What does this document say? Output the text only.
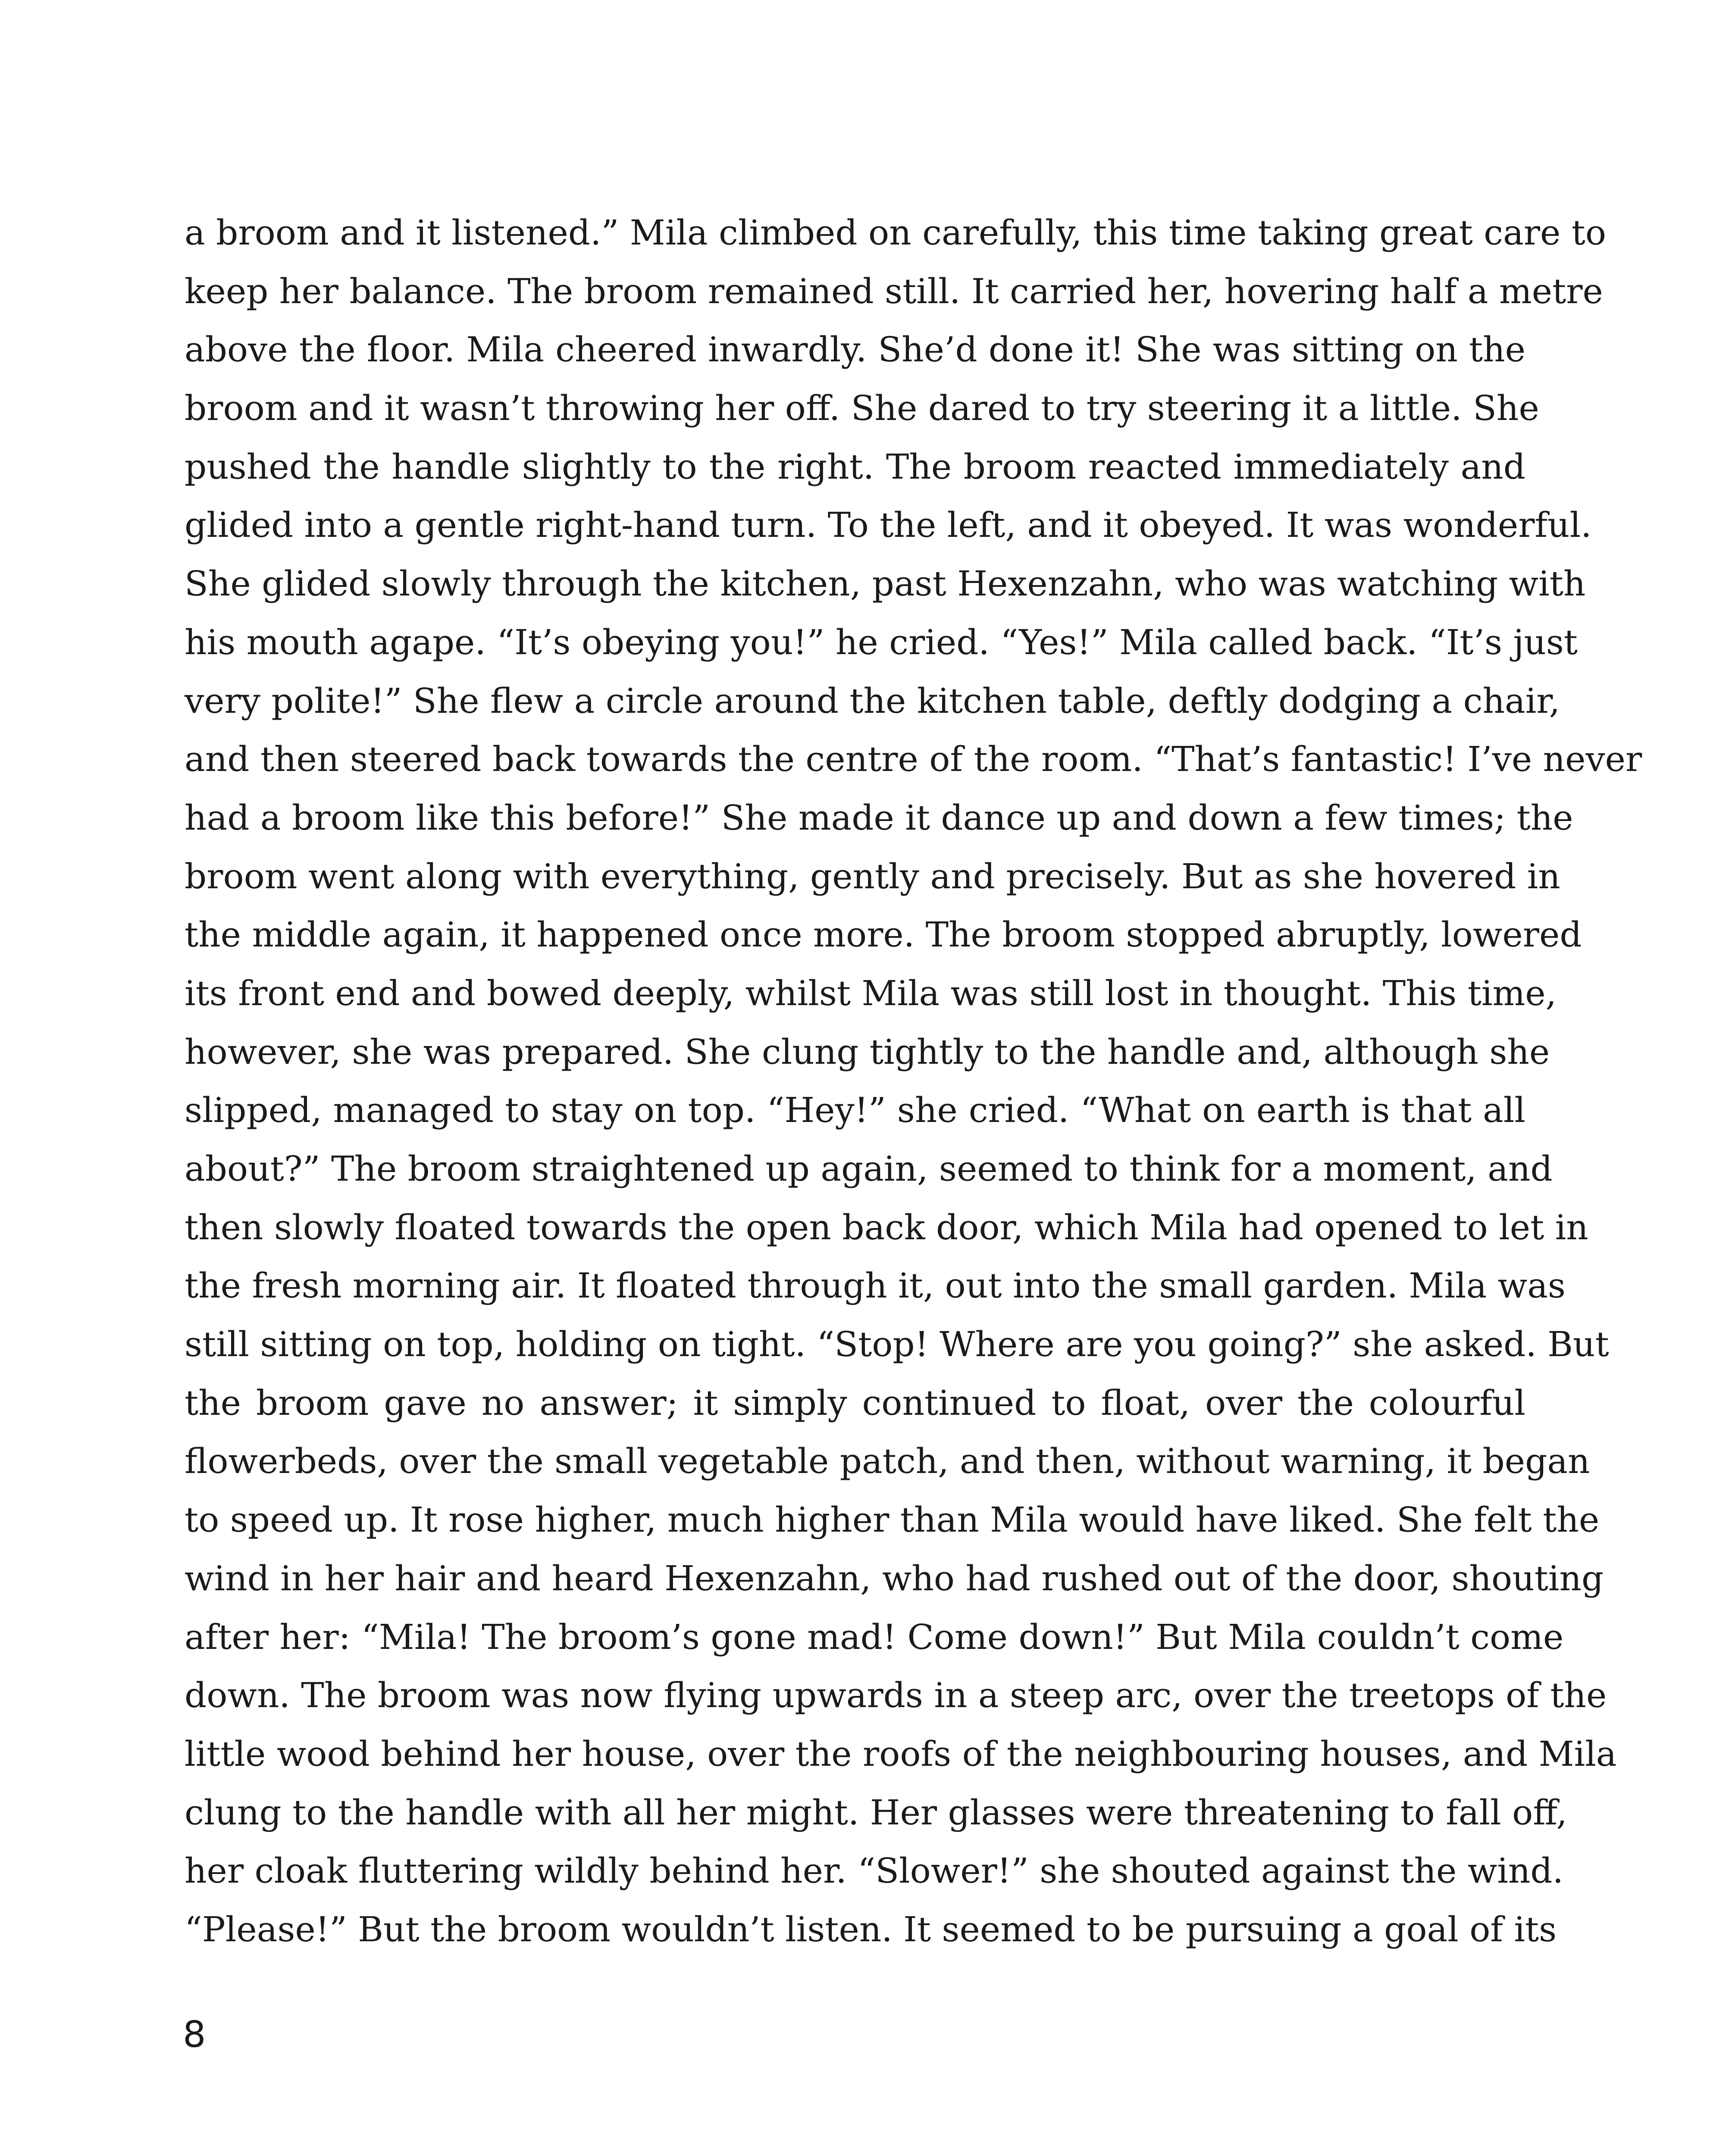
a broom and it listened.” Mila climbed on carefully, this time taking great care to
keep her balance. The broom remained still. It carried her, hovering half a metre
above the floor. Mila cheered inwardly. She’d done it! She was sitting on the
broom and it wasn’t throwing her off. She dared to try steering it a little. She
pushed the handle slightly to the right. The broom reacted immediately and
glided into a gentle right-hand turn. To the left, and it obeyed. It was wonderful.
She glided slowly through the kitchen, past Hexenzahn, who was watching with
his mouth agape. “It’s obeying you!” he cried. “Yes!” Mila called back. “It’s just
very polite!” She flew a circle around the kitchen table, deftly dodging a chair,
and then steered back towards the centre of the room. “That’s fantastic! I’ve never
had a broom like this before!” She made it dance up and down a few times; the
broom went along with everything, gently and precisely. But as she hovered in
the middle again, it happened once more. The broom stopped abruptly, lowered
its front end and bowed deeply, whilst Mila was still lost in thought. This time,
however, she was prepared. She clung tightly to the handle and, although she
slipped, managed to stay on top. “Hey!” she cried. “What on earth is that all
about?” The broom straightened up again, seemed to think for a moment, and
then slowly floated towards the open back door, which Mila had opened to let in
the fresh morning air. It floated through it, out into the small garden. Mila was
still sitting on top, holding on tight. “Stop! Where are you going?” she asked. But
the broom gave no answer; it simply continued to float, over the colourful
flowerbeds, over the small vegetable patch, and then, without warning, it began
to speed up. It rose higher, much higher than Mila would have liked. She felt the
wind in her hair and heard Hexenzahn, who had rushed out of the door, shouting
after her: “Mila! The broom’s gone mad! Come down!” But Mila couldn’t come
down. The broom was now flying upwards in a steep arc, over the treetops of the
little wood behind her house, over the roofs of the neighbouring houses, and Mila
clung to the handle with all her might. Her glasses were threatening to fall off,
her cloak fluttering wildly behind her. “Slower!” she shouted against the wind.
“Please!” But the broom wouldn’t listen. It seemed to be pursuing a goal of its
8
